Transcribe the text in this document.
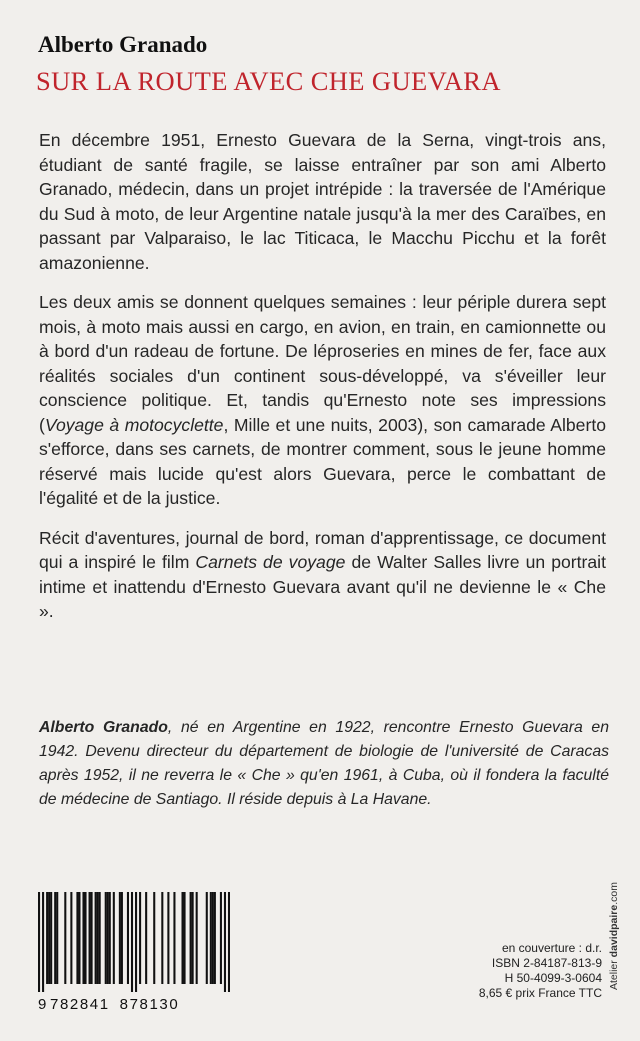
Alberto Granado
SUR LA ROUTE AVEC CHE GUEVARA

En décembre 1951, Ernesto Guevara de la Serna, vingt-trois ans, étudiant de santé fragile, se laisse entraîner par son ami Alberto Granado, médecin, dans un projet intrépide : la traversée de l'Amérique du Sud à moto, de leur Argentine natale jusqu'à la mer des Caraïbes, en passant par Valparaiso, le lac Titicaca, le Macchu Picchu et la forêt amazonienne.

Les deux amis se donnent quelques semaines : leur périple durera sept mois, à moto mais aussi en cargo, en avion, en train, en camionnette ou à bord d'un radeau de fortune. De léproseries en mines de fer, face aux réalités sociales d'un continent sous-développé, va s'éveiller leur conscience politique. Et, tandis qu'Ernesto note ses impressions (Voyage à motocyclette, Mille et une nuits, 2003), son camarade Alberto s'efforce, dans ses carnets, de montrer comment, sous le jeune homme réservé mais lucide qu'est alors Guevara, perce le combattant de l'égalité et de la justice.

Récit d'aventures, journal de bord, roman d'apprentissage, ce document qui a inspiré le film Carnets de voyage de Walter Salles livre un portrait intime et inattendu d'Ernesto Guevara avant qu'il ne devienne le « Che ».

Alberto Granado, né en Argentine en 1922, rencontre Ernesto Guevara en 1942. Devenu directeur du département de biologie de l'université de Caracas après 1952, il ne reverra le « Che » qu'en 1961, à Cuba, où il fondera la faculté de médecine de Santiago. Il réside depuis à La Havane.

9 782841 878130
en couverture : d.r.
ISBN 2-84187-813-9
H 50-4099-3-0604
8,65 € prix France TTC
Atelier davidpaire.com
